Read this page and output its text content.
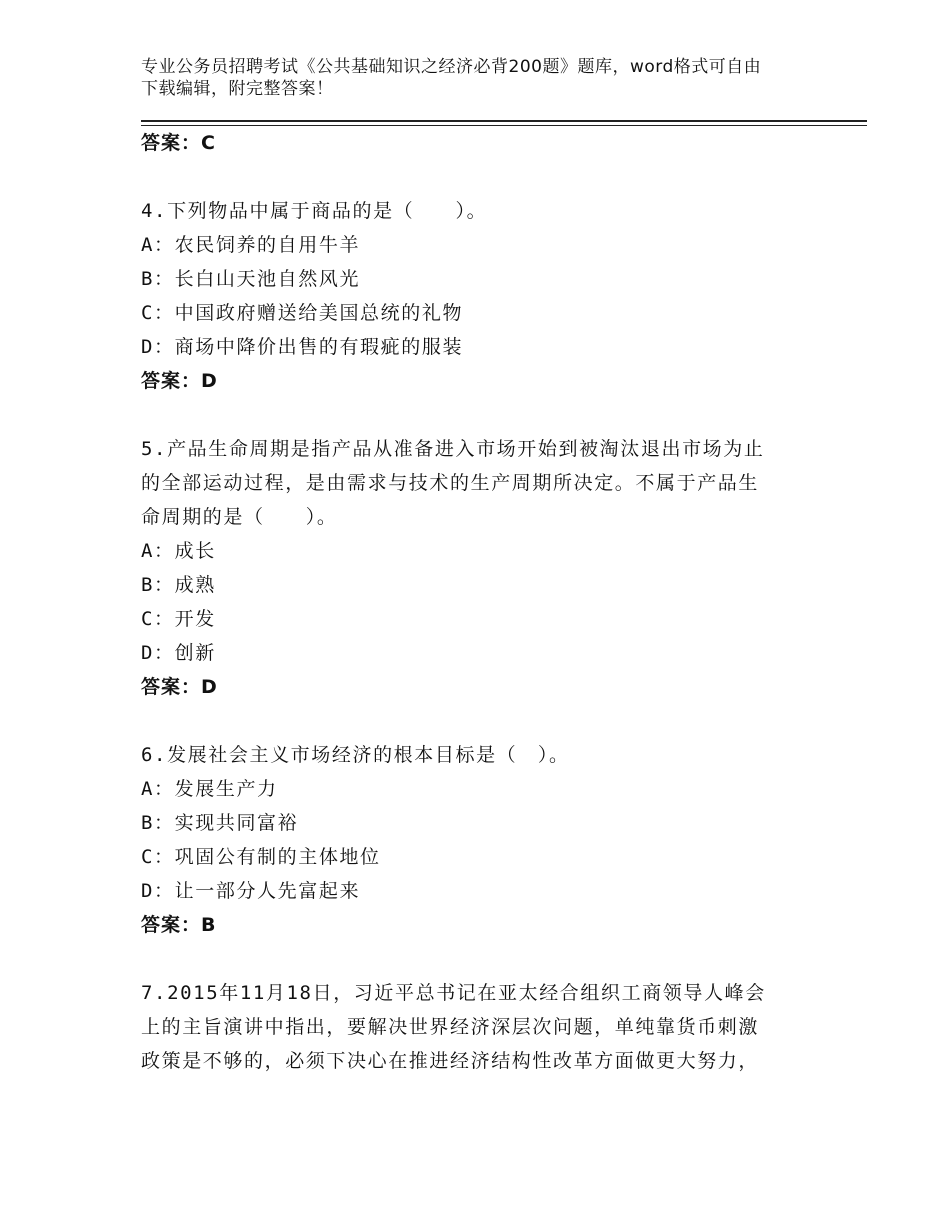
专业公务员招聘考试《公共基础知识之经济必背200题》题库，word格式可自由
下载编辑，附完整答案！
答案：C
4.下列物品中属于商品的是（　　）。
A：农民饲养的自用牛羊
B：长白山天池自然风光
C：中国政府赠送给美国总统的礼物
D：商场中降价出售的有瑕疵的服装
答案：D
5.产品生命周期是指产品从准备进入市场开始到被淘汰退出市场为止
的全部运动过程，是由需求与技术的生产周期所决定。不属于产品生
命周期的是（　　）。
A：成长
B：成熟
C：开发
D：创新
答案：D
6.发展社会主义市场经济的根本目标是（　）。
A：发展生产力
B：实现共同富裕
C：巩固公有制的主体地位
D：让一部分人先富起来
答案：B
7.2015年11月18日，习近平总书记在亚太经合组织工商领导人峰会
上的主旨演讲中指出，要解决世界经济深层次问题，单纯靠货币刺激
政策是不够的，必须下决心在推进经济结构性改革方面做更大努力，
